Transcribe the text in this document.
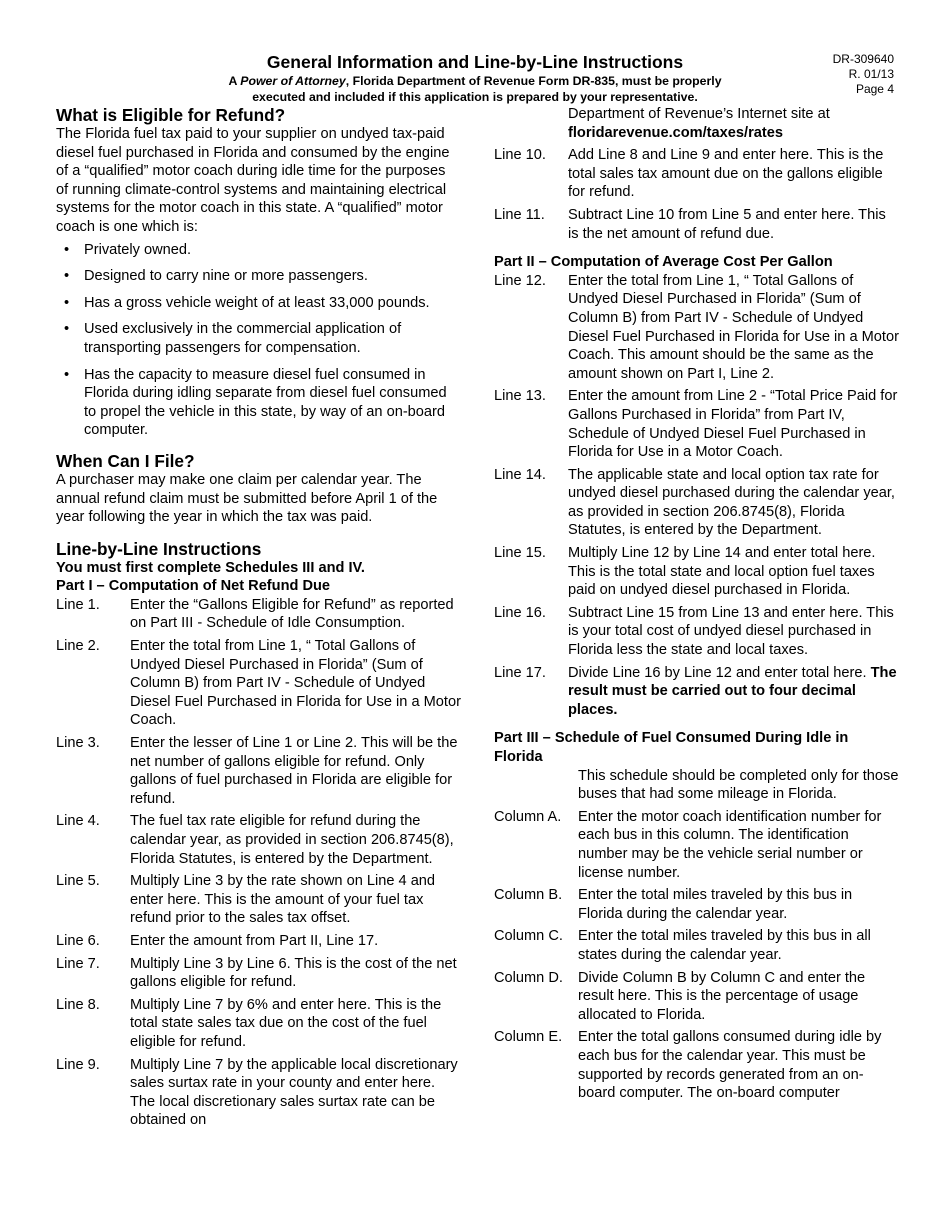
General Information and Line-by-Line Instructions
A Power of Attorney, Florida Department of Revenue Form DR-835, must be properly
executed and included if this application is prepared by your representative.
DR-309640
R. 01/13
Page 4
What is Eligible for Refund?

The Florida fuel tax paid to your supplier on undyed tax-paid diesel fuel purchased in Florida and consumed by the engine of a “qualified” motor coach during idle time for the purposes of running climate-control systems and maintaining electrical systems for the motor coach in this state. A “qualified” motor coach is one which is:

• Privately owned.
• Designed to carry nine or more passengers.
• Has a gross vehicle weight of at least 33,000 pounds.
• Used exclusively in the commercial application of transporting passengers for compensation.
• Has the capacity to measure diesel fuel consumed in Florida during idling separate from diesel fuel consumed to propel the vehicle in this state, by way of an on-board computer.
When Can I File?

A purchaser may make one claim per calendar year. The annual refund claim must be submitted before April 1 of the year following the year in which the tax was paid.

Line-by-Line Instructions
You must first complete Schedules III and IV.
Part I – Computation of Net Refund Due
Line 1.	Enter the “Gallons Eligible for Refund” as reported on Part III - Schedule of Idle Consumption.
Line 2.	Enter the total from Line 1, “ Total Gallons of Undyed Diesel Purchased in Florida” (Sum of Column B) from Part IV - Schedule of Undyed Diesel Fuel Purchased in Florida for Use in a Motor Coach.
Line 3.	Enter the lesser of Line 1 or Line 2. This will be the net number of gallons eligible for refund. Only gallons of fuel purchased in Florida are eligible for refund.
Line 4.	The fuel tax rate eligible for refund during the calendar year, as provided in section 206.8745(8), Florida Statutes, is entered by the Department.
Line 5.	Multiply Line 3 by the rate shown on Line 4 and enter here. This is the amount of your fuel tax refund prior to the sales tax offset.
Line 6.	Enter the amount from Part II, Line 17.
Line 7.	Multiply Line 3 by Line 6. This is the cost of the net gallons eligible for refund.
Line 8.	Multiply Line 7 by 6% and enter here. This is the total state sales tax due on the cost of the fuel eligible for refund.
Line 9.	Multiply Line 7 by the applicable local discretionary sales surtax rate in your county and enter here. The local discretionary sales surtax rate can be obtained on
Department of Revenue’s Internet site at floridarevenue.com/taxes/rates
Line 10.	Add Line 8 and Line 9 and enter here. This is the total sales tax amount due on the gallons eligible for refund.
Line 11.	Subtract Line 10 from Line 5 and enter here. This is the net amount of refund due.
Part II – Computation of Average Cost Per Gallon
Line 12.	Enter the total from Line 1, “ Total Gallons of Undyed Diesel Purchased in Florida” (Sum of Column B) from Part IV - Schedule of Undyed Diesel Fuel Purchased in Florida for Use in a Motor Coach. This amount should be the same as the amount shown on Part I, Line 2.
Line 13.	Enter the amount from Line 2 - “Total Price Paid for Gallons Purchased in Florida” from Part IV, Schedule of Undyed Diesel Fuel Purchased in Florida for Use in a Motor Coach.
Line 14.	The applicable state and local option tax rate for undyed diesel purchased during the calendar year, as provided in section 206.8745(8), Florida Statutes, is entered by the Department.
Line 15.	Multiply Line 12 by Line 14 and enter total here. This is the total state and local option fuel taxes paid on undyed diesel purchased in Florida.
Line 16.	Subtract Line 15 from Line 13 and enter here. This is your total cost of undyed diesel purchased in Florida less the state and local taxes.
Line 17.	Divide Line 16 by Line 12 and enter total here. The result must be carried out to four decimal places.
Part III – Schedule of Fuel Consumed During Idle in Florida
This schedule should be completed only for those buses that had some mileage in Florida.
Column A.	Enter the motor coach identification number for each bus in this column. The identification number may be the vehicle serial number or license number.
Column B.	Enter the total miles traveled by this bus in Florida during the calendar year.
Column C.	Enter the total miles traveled by this bus in all states during the calendar year.
Column D.	Divide Column B by Column C and enter the result here. This is the percentage of usage allocated to Florida.
Column E.	Enter the total gallons consumed during idle by each bus for the calendar year. This must be supported by records generated from an on-board computer. The on-board computer
